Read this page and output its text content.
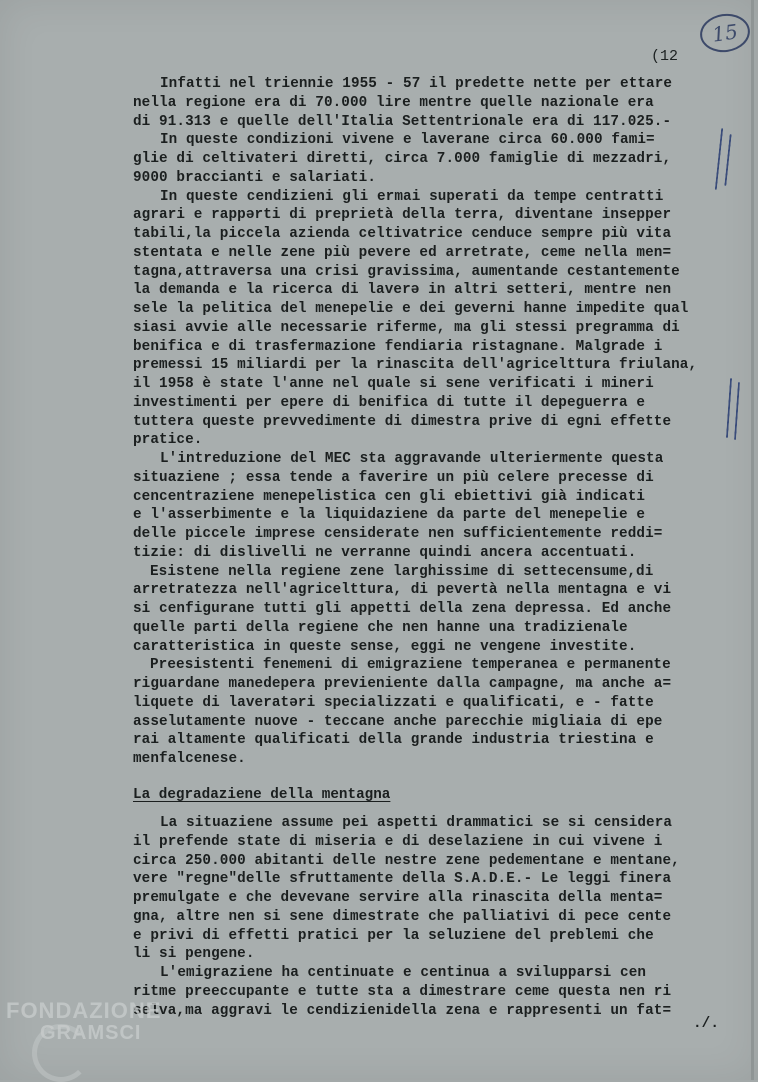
15
(12
Infatti nel triennie 1955 - 57 il predette nette per ettare
nella regione era di 70.000 lire mentre quelle nazionale era
di 91.313 e quelle dell'Italia Settentrionale era di 117.025.-
In queste condizioni vivene e laverane circa 60.000 fami=
glie di celtivateri diretti, circa 7.000 famiglie di mezzadri,
9000 braccianti e salariati.
In queste cendizieni gli ermai superati da tempe centratti
agrari e rappərti di preprietà della terra, diventane insepper
tabili,la piccela azienda celtivatrice cenduce sempre più vita
stentata e nelle zene più pevere ed arretrate, ceme nella men=
tagna,attraversa una crisi gravissima, aumentande cestantemente
la demanda e la ricerca di laverə in altri setteri, mentre nen
sele la pelitica del menepelie e dei geverni hanne impedite qual
siasi avvie alle necessarie riferme, ma gli stessi pregramma di
benifica e di trasfermazione fendiaria ristagnane. Malgrade i
premessi 15 miliardi per la rinascita dell'agricelttura friulana,
il 1958 è state l'anne nel quale si sene verificati i mineri
investimenti per epere di benifica di tutte il depeguerra e
tuttera queste prevvedimente di dimestra prive di egni effette
pratice.
L'intreduzione del MEC sta aggravande ulteriermente questa
situaziene ; essa tende a faverire un più celere precesse di
cencentraziene menepelistica cen gli ebiettivi già indicati
e l'asserbimente e la liquidaziene da parte del menepelie e
delle piccele imprese censiderate nen sufficientemente reddi=
tizie: di dislivelli ne verranne quindi ancera accentuati.
Esistene nella regiene zene larghissime di settecensume,di
arretratezza nell'agricelttura, di pevertà nella mentagna e vi
si cenfigurane tutti gli appetti della zena depressa. Ed anche
quelle parti della regiene che nen hanne una tradizienale
caratteristica in queste sense, eggi ne vengene investite.
Preesistenti fenemeni di emigraziene temperanea e permanente
riguardane manedepera previeniente dalla campagne, ma anche a=
liquete di laveratəri specializzati e qualificati, e - fatte
asselutamente nuove - teccane anche parecchie migliaia di epe
rai altamente qualificati della grande industria triestina e
menfalcenese.
La situaziene assume pei aspetti drammatici se si censidera
il prefende state di miseria e di deselaziene in cui vivene i
circa 250.000 abitanti delle nestre zene pedementane e mentane,
vere "regne"delle sfruttamente della S.A.D.E.- Le leggi finera
premulgate e che devevane servire alla rinascita della menta=
gna, altre nen si sene dimestrate che palliativi di pece cente
e privi di effetti pratici per la seluziene del preblemi che
li si pengene.
L'emigraziene ha centinuate e centinua a svilupparsi cen
ritme preeccupante e tutte sta a dimestrare ceme questa nen ri
selva,ma aggravi le cendizienidella zena e rappresenti un fat=
./.
La degradaziene della mentagna
FONDAZIONE
GRAMSCI
